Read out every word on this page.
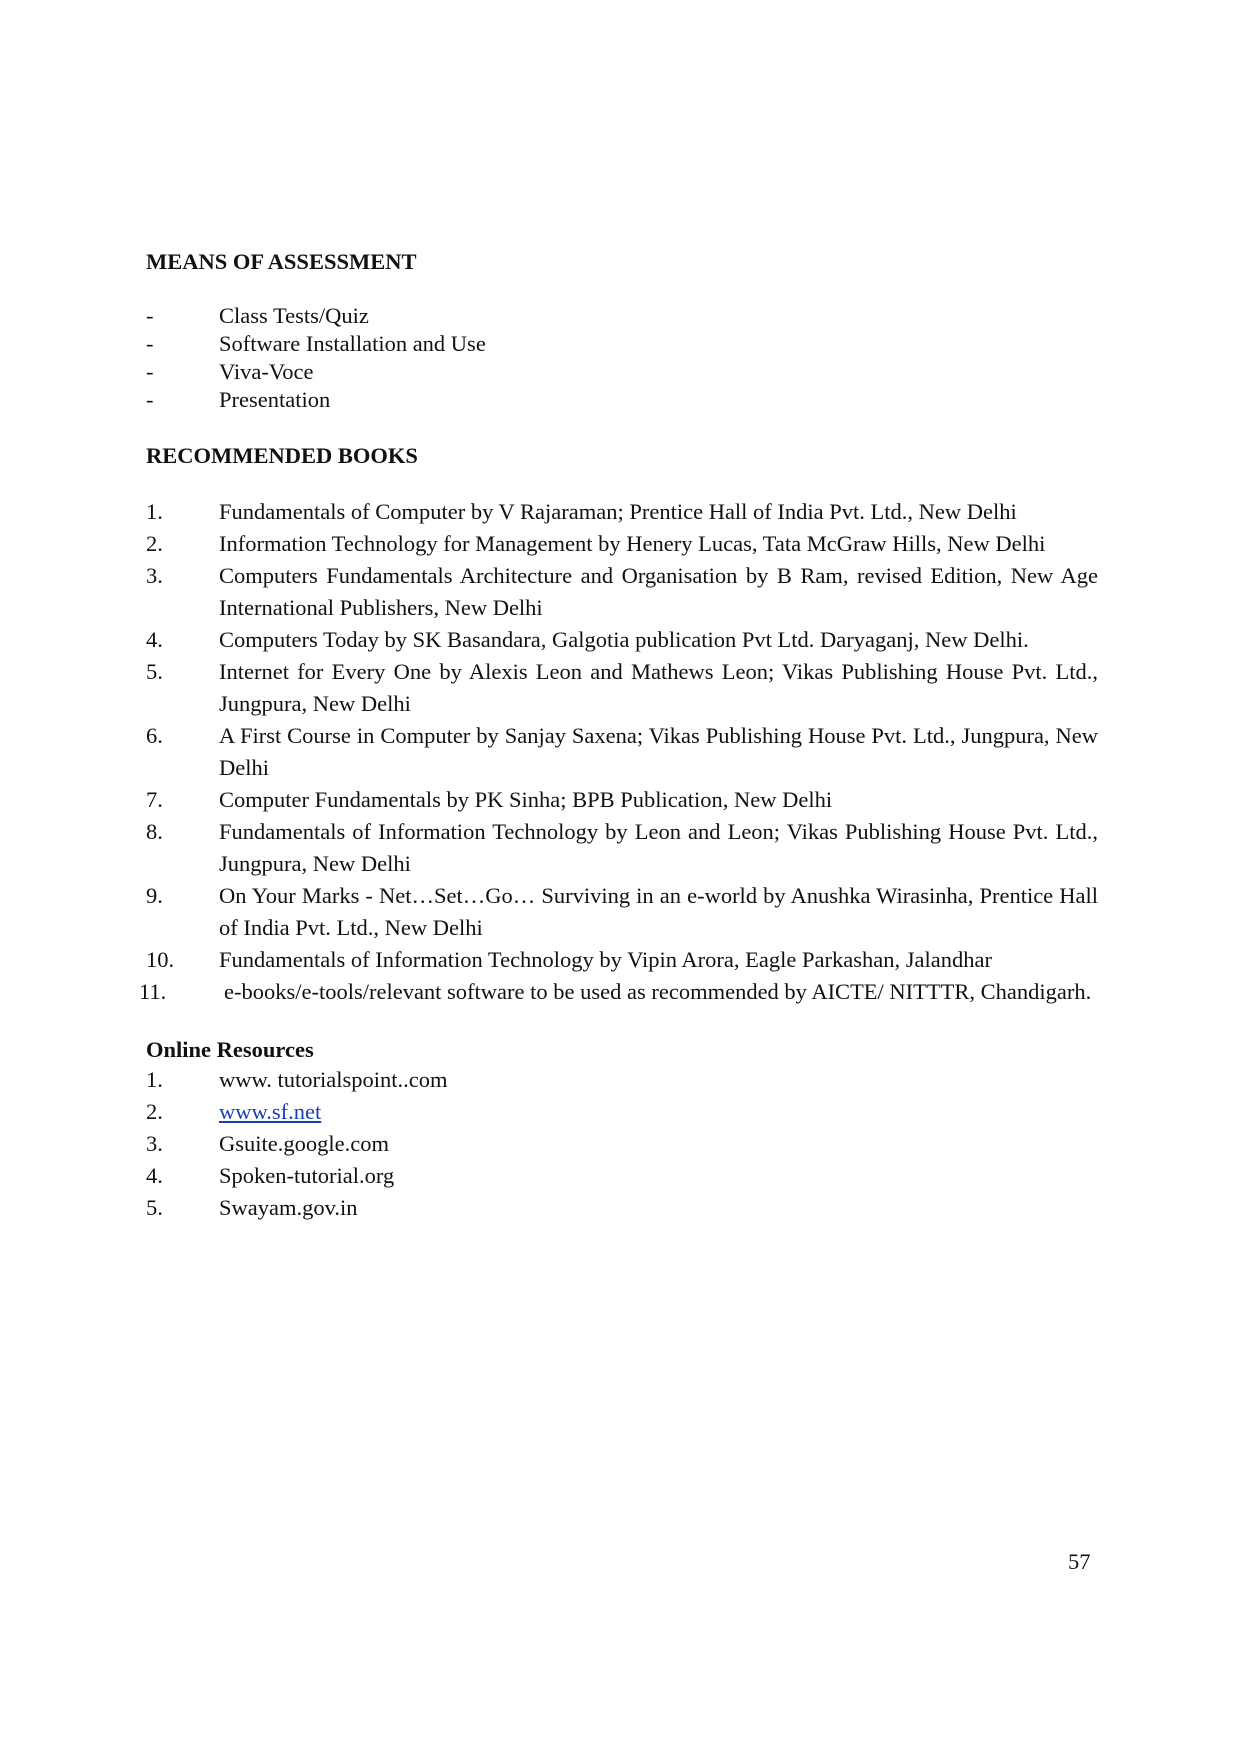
MEANS OF ASSESSMENT
-	Class Tests/Quiz
-	Software Installation and Use
-	Viva-Voce
-	Presentation
RECOMMENDED BOOKS
1.	Fundamentals of Computer by V Rajaraman; Prentice Hall of India Pvt. Ltd., New Delhi
2.	Information Technology for Management by Henery Lucas, Tata McGraw Hills, New Delhi
3.	Computers Fundamentals Architecture and Organisation by B Ram, revised Edition, New Age International Publishers, New Delhi
4.	Computers Today by SK Basandara, Galgotia publication Pvt Ltd. Daryaganj, New Delhi.
5.	Internet for Every One by Alexis Leon and Mathews Leon; Vikas Publishing House Pvt. Ltd., Jungpura, New Delhi
6.	A First Course in Computer by Sanjay Saxena; Vikas Publishing House Pvt. Ltd., Jungpura, New Delhi
7.	Computer Fundamentals by PK Sinha; BPB Publication, New Delhi
8.	Fundamentals of Information Technology by Leon and Leon; Vikas Publishing House Pvt. Ltd., Jungpura, New Delhi
9.	On Your Marks - Net…Set…Go… Surviving in an e-world by Anushka Wirasinha, Prentice Hall of India Pvt. Ltd., New Delhi
10.	Fundamentals of Information Technology by Vipin Arora, Eagle Parkashan, Jalandhar
11.	e-books/e-tools/relevant software to be used as recommended by AICTE/ NITTTR, Chandigarh.
Online Resources
1.	www. tutorialspoint..com
2.	www.sf.net
3.	Gsuite.google.com
4.	Spoken-tutorial.org
5.	Swayam.gov.in
57
